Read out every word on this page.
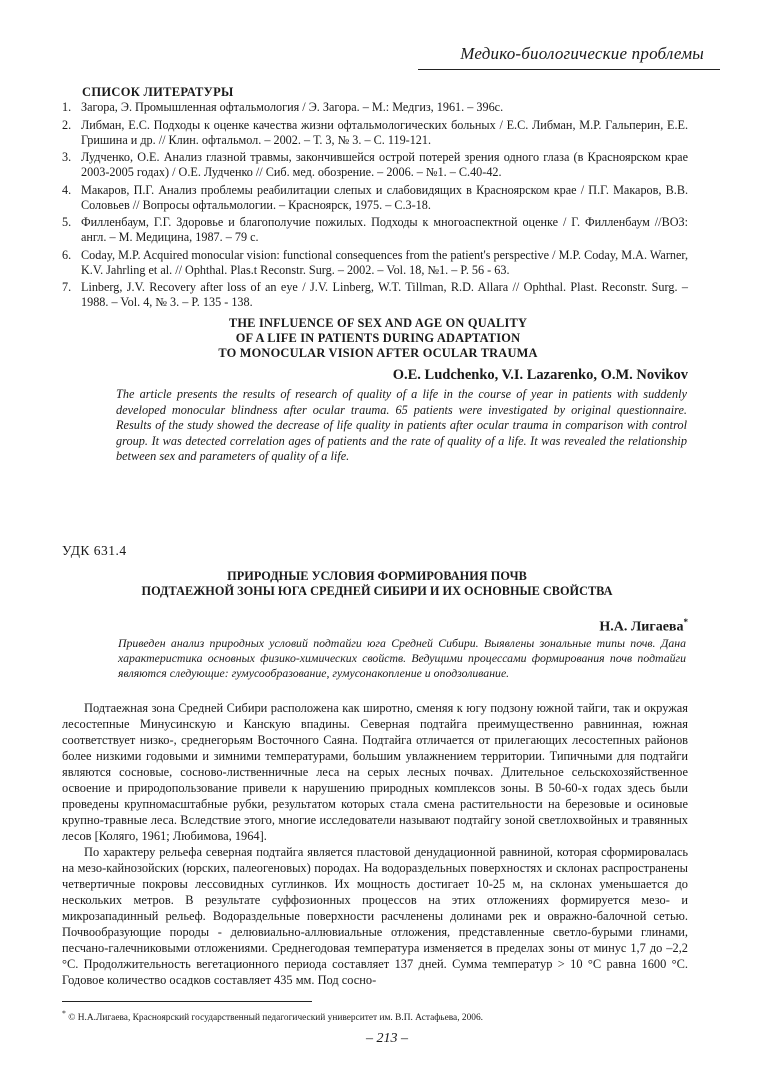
Медико-биологические проблемы
СПИСОК ЛИТЕРАТУРЫ
1. Загора, Э. Промышленная офтальмология / Э. Загора. – М.: Медгиз, 1961. – 396с.
2. Либман, Е.С. Подходы к оценке качества жизни офтальмологических больных / Е.С. Либман, М.Р. Гальперин, Е.Е. Гришина и др. // Клин. офтальмол. – 2002. – Т. 3, № 3. – С. 119-121.
3. Лудченко, О.Е. Анализ глазной травмы, закончившейся острой потерей зрения одного глаза (в Красноярском крае 2003-2005 годах) / О.Е. Лудченко // Сиб. мед. обозрение. – 2006. – №1. – С.40-42.
4. Макаров, П.Г. Анализ проблемы реабилитации слепых и слабовидящих в Красноярском крае / П.Г. Макаров, В.В. Соловьев // Вопросы офтальмологии. – Красноярск, 1975. – С.3-18.
5. Филленбаум, Г.Г. Здоровье и благополучие пожилых. Подходы к многоаспектной оценке / Г. Филленбаум //ВОЗ: англ. – М. Медицина, 1987. – 79 с.
6. Coday, M.P. Acquired monocular vision: functional consequences from the patient's perspective / M.P. Coday, M.A. Warner, K.V. Jahrling et al. // Ophthal. Plas.t Reconstr. Surg. – 2002. – Vol. 18, №1. – P. 56 - 63.
7. Linberg, J.V. Recovery after loss of an eye / J.V. Linberg, W.T. Tillman, R.D. Allara // Ophthal. Plast. Reconstr. Surg. – 1988. – Vol. 4, № 3. – P. 135 - 138.
THE INFLUENCE OF SEX AND AGE ON QUALITY
OF A LIFE IN PATIENTS DURING ADAPTATION
TO MONOCULAR VISION AFTER OCULAR TRAUMA
O.E. Ludchenko, V.I. Lazarenko, O.M. Novikov
The article presents the results of research of quality of a life in the course of year in patients with suddenly developed monocular blindness after ocular trauma. 65 patients were investigated by original questionnaire. Results of the study showed the decrease of life quality in patients after ocular trauma in comparison with control group. It was detected correlation ages of patients and the rate of quality of a life. It was revealed the relationship between sex and parameters of quality of a life.
УДК 631.4
ПРИРОДНЫЕ УСЛОВИЯ ФОРМИРОВАНИЯ ПОЧВ
ПОДТАЕЖНОЙ ЗОНЫ ЮГА СРЕДНЕЙ СИБИРИ И ИХ ОСНОВНЫЕ СВОЙСТВА
Н.А. Лигаева*
Приведен анализ природных условий подтайги юга Средней Сибири. Выявлены зональные типы почв. Дана характеристика основных физико-химических свойств. Ведущими процессами формирования почв подтайги являются следующие: гумусообразование, гумусонакопление и оподзоливание.

Подтаежная зона Средней Сибири расположена как широтно, сменяя к югу подзону южной тайги, так и окружая лесостепные Минусинскую и Канскую впадины. Северная подтайга преимущественно равнинная, южная соответствует низко-, среднегорьям Восточного Саяна. Подтайга отличается от прилегающих лесостепных районов более низкими годовыми и зимними температурами, большим увлажнением территории. Типичными для подтайги являются сосновые, сосново-лиственничные леса на серых лесных почвах. Длительное сельскохозяйственное освоение и природопользование привели к нарушению природных комплексов зоны. В 50-60-х годах здесь были проведены крупномасштабные рубки, результатом которых стала смена растительности на березовые и осиновые крупно-травные леса. Вследствие этого, многие исследователи называют подтайгу зоной светлохвойных и травянных лесов [Коляго, 1961; Любимова, 1964].

По характеру рельефа северная подтайга является пластовой денудационной равниной, которая сформировалась на мезо-кайнозойских (юрских, палеогеновых) породах. На водораздельных поверхностях и склонах распространены четвертичные покровы лессовидных суглинков. Их мощность достигает 10-25 м, на склонах уменьшается до нескольких метров. В результате суффозионных процессов на этих отложениях формируется мезо- и микрозападинный рельеф. Водораздельные поверхности расчленены долинами рек и овражно-балочной сетью. Почвообразующие породы - делювиально-аллювиальные отложения, представленные светло-бурыми глинами, песчано-галечниковыми отложениями. Среднегодовая температура изменяется в пределах зоны от минус 1,7 до –2,2 °С. Продолжительность вегетационного периода составляет 137 дней. Сумма температур > 10 °С равна 1600 °С. Годовое количество осадков составляет 435 мм. Под сосно-

* © Н.А.Лигаева, Красноярский государственный педагогический университет им. В.П. Астафьева, 2006.
– 213 –
